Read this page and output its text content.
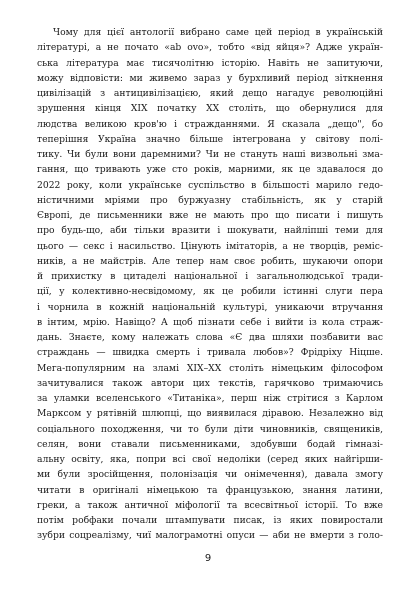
Чому для цієї антології вибрано саме цей період в українській
літературі, а не почато «ab ovo», тобто «від яйця»? Адже україн-
ська література має тисячолітню історію. Навіть не запитуючи,
можу відповісти: ми живемо зараз у бурхливий період зіткнення
цивілізацій з антицивілізацією, який дещо нагадує революційні
зрушення кінця XIX початку XX століть, що обернулися для
людства великою кров'ю і стражданнями. Я сказала „дещо", бо
теперішня Україна значно більше інтегрована у світову полі-
тику. Чи були вони даремними? Чи не стануть наші визвольні зма-
гання, що тривають уже сто років, марними, як це здавалося до
2022 року, коли українське суспільство в більшості марило гедо-
ністичними мріями про буржуазну стабільність, як у старій
Європі, де письменники вже не мають про що писати і пишуть
про будь-що, аби тільки вразити і шокувати, найліпші теми для
цього — секс і насильство. Цінують імітаторів, а не творців, реміс-
ників, а не майстрів. Але тепер нам своє робить, шукаючи опори
й прихистку в цитаделі національної і загальнолюдської тради-
ції, у колективно-несвідомому, як це робили істинні слуги пера
і чорнила в кожній національній культурі, уникаючи втручання
в інтим, мрію. Навіщо? А щоб пізнати себе і вийти із кола страж-
дань. Знаєте, кому належать слова «Є два шляхи позбавити вас
страждань — швидка смерть і тривала любов»? Фрідріху Ніцше.
Мега-популярним на зламі XIX–XX століть німецьким філософом
зачитувалися також автори цих текстів, гарячково тримаючись
за уламки вселенського «Титаніка», перш ніж стрітися з Карлом
Марксом у рятівній шлюпці, що виявилася діравою. Незалежно від
соціального походження, чи то були діти чиновників, священиків,
селян, вони ставали письменниками, здобувши бодай гімназі-
альну освіту, яка, попри всі свої недоліки (серед яких найгірши-
ми були зросійщення, полонізація чи онімечення), давала змогу
читати в оригіналі німецькою та французькою, знання латини,
греки, а також античної міфології та всесвітньої історії. То вже
потім робфаки почали штампувати писак, із яких повиростали
зубри соцреалізму, чиї малограмотні опуси — аби не вмерти з голо-
9
